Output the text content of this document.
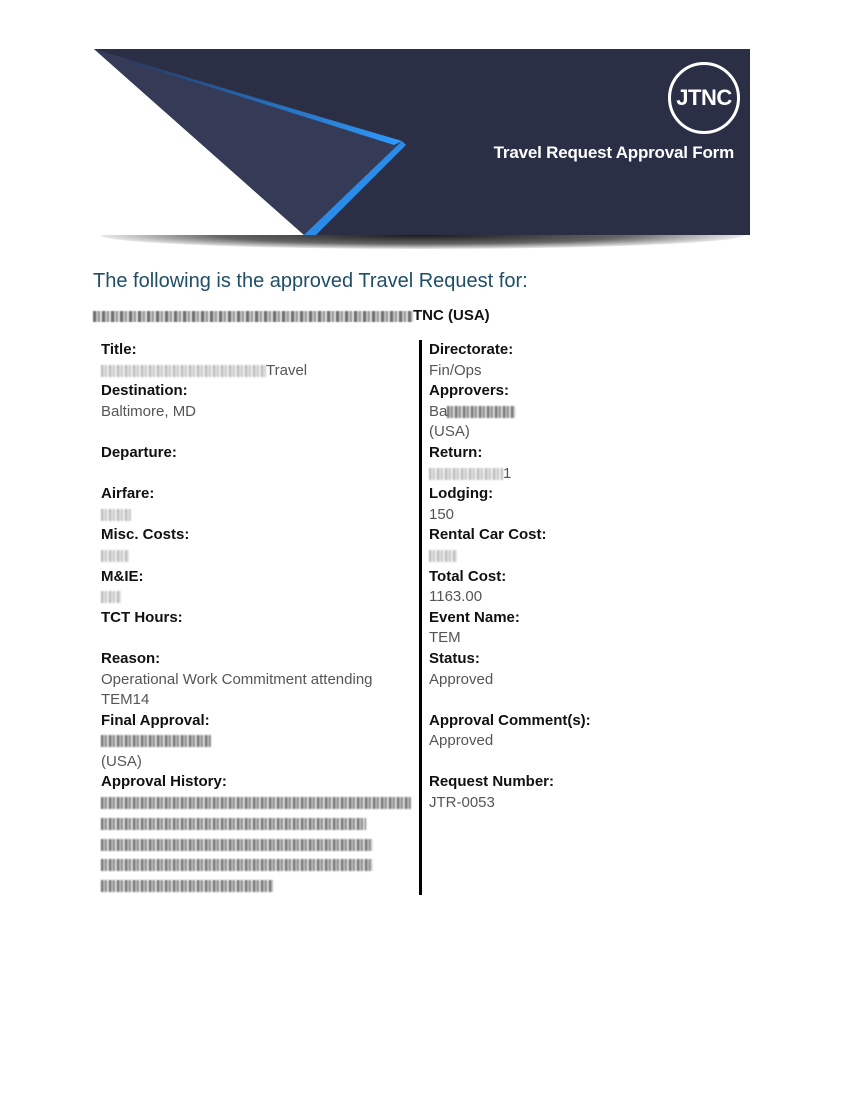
JTNC
Travel Request Approval Form
The following is the approved Travel Request for:
TNC (USA)
Title:
Travel
Destination:
Baltimore, MD
Departure:
Airfare:
Misc. Costs:
M&IE:
TCT Hours:
Reason:
Operational Work Commitment attending TEM14
Final Approval:
(USA)
Approval History:
Directorate:
Fin/Ops
Approvers:
Ba
(USA)
Return:
1
Lodging:
150
Rental Car Cost:
Total Cost:
1163.00
Event Name:
TEM
Status:
Approved
Approval Comment(s):
Approved
Request Number:
JTR-0053
